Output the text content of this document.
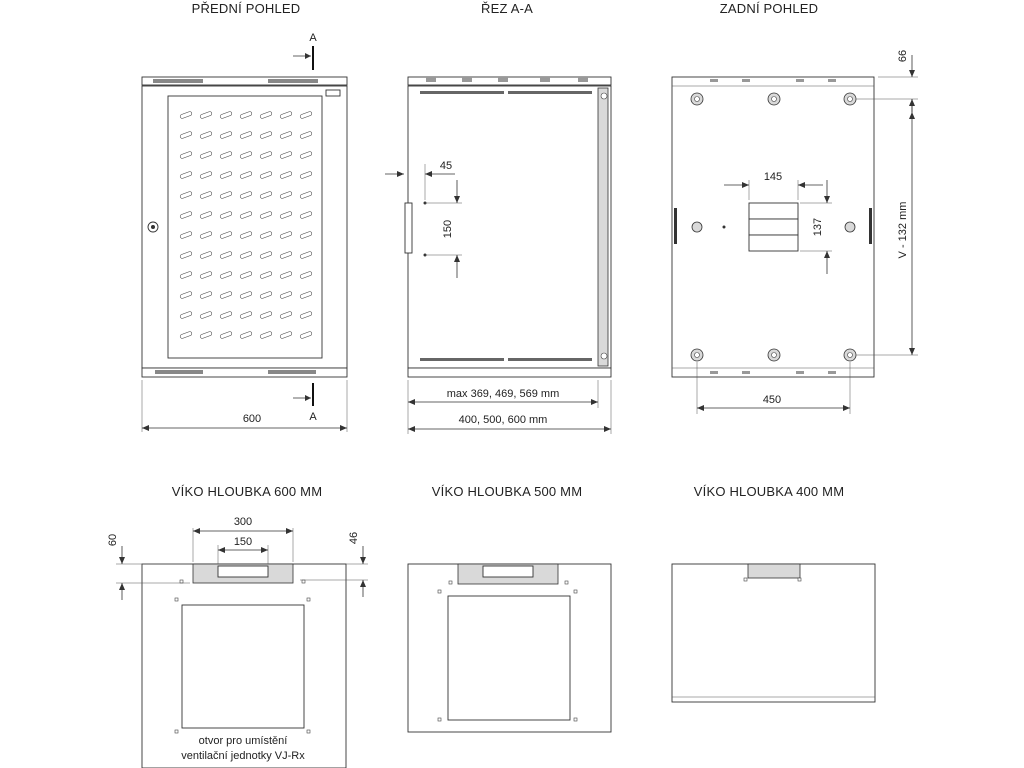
PŘEDNÍ POHLED
A
A
600
ŘEZ A-A
45
150
max 369, 469, 569 mm
400, 500, 600 mm
ZADNÍ POHLED
145
137
66
V - 132 mm
450
VÍKO HLOUBKA 600 MM
300
150
60	46
otvor pro umístění
ventilační jednotky VJ-Rx
VÍKO HLOUBKA 500 MM	VÍKO HLOUBKA 400 MM
